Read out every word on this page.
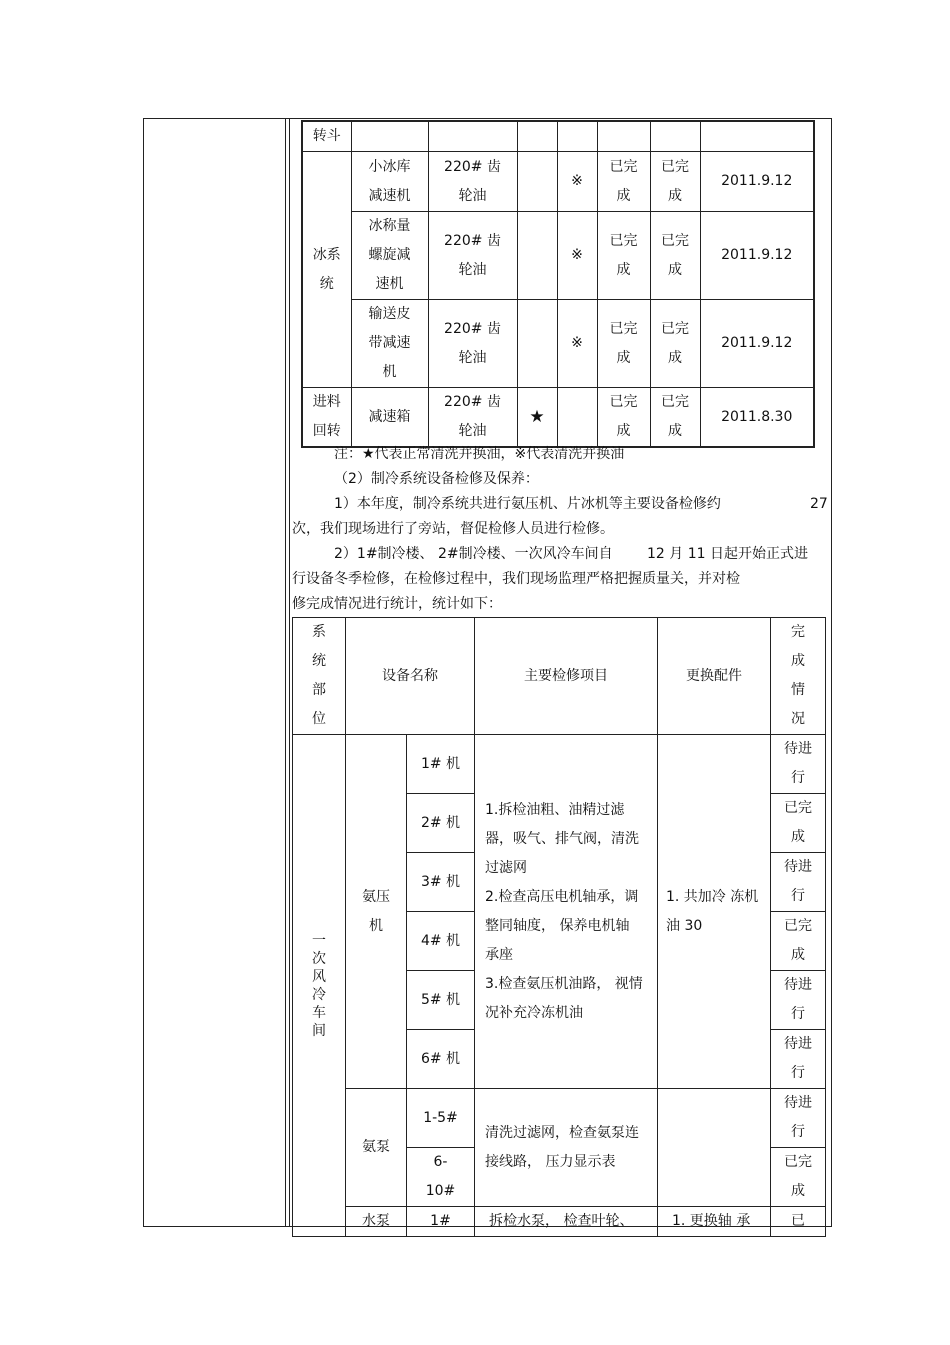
转斗							

冰系统	小冰库减速机	220# 齿轮油		※	已完成	已完成	2011.9.12

	冰称量螺旋减速机	220# 齿轮油		※	已完成	已完成	2011.9.12

	输送皮带减速机	220# 齿轮油		※	已完成	已完成	2011.9.12

进料回转	减速箱	220# 齿轮油	★		已完成	已完成	2011.8.30
注：★代表正常清洗并换油，※代表清洗并换油
（2）制冷系统设备检修及保养：
1）本年度，制冷系统共进行氨压机、片冰机等主要设备检修约	27
次，我们现场进行了旁站，督促检修人员进行检修。
2）1#制冷楼、 2#制冷楼、一次风冷车间自 12 月 11 日起开始正式进
行设备冬季检修，在检修过程中，我们现场监理严格把握质量关，并对检
修完成情况进行统计，统计如下：
系统部位	设备名称		主要检修项目	更换配件	完成情况

一次风冷车间	氨压机	1# 机	1.拆检油粗、油精过滤器，吸气、排气阀，清洗过滤网
2.检查高压电机轴承，调整同轴度， 保养电机轴承座
3.检查氨压机油路， 视情况补充冷冻机油	1. 共加冷 冻机油 30	待进行

		2# 机			已完成

		3# 机			待进行

		4# 机			已完成

		5# 机			待进行

		6# 机			待进行

	氨泵	1-5#	清洗过滤网，检查氨泵连接线路， 压力显示表		待进行

		6-10#			已完成

	水泵	1#	拆检水泵， 检查叶轮、	1. 更换轴 承	已
